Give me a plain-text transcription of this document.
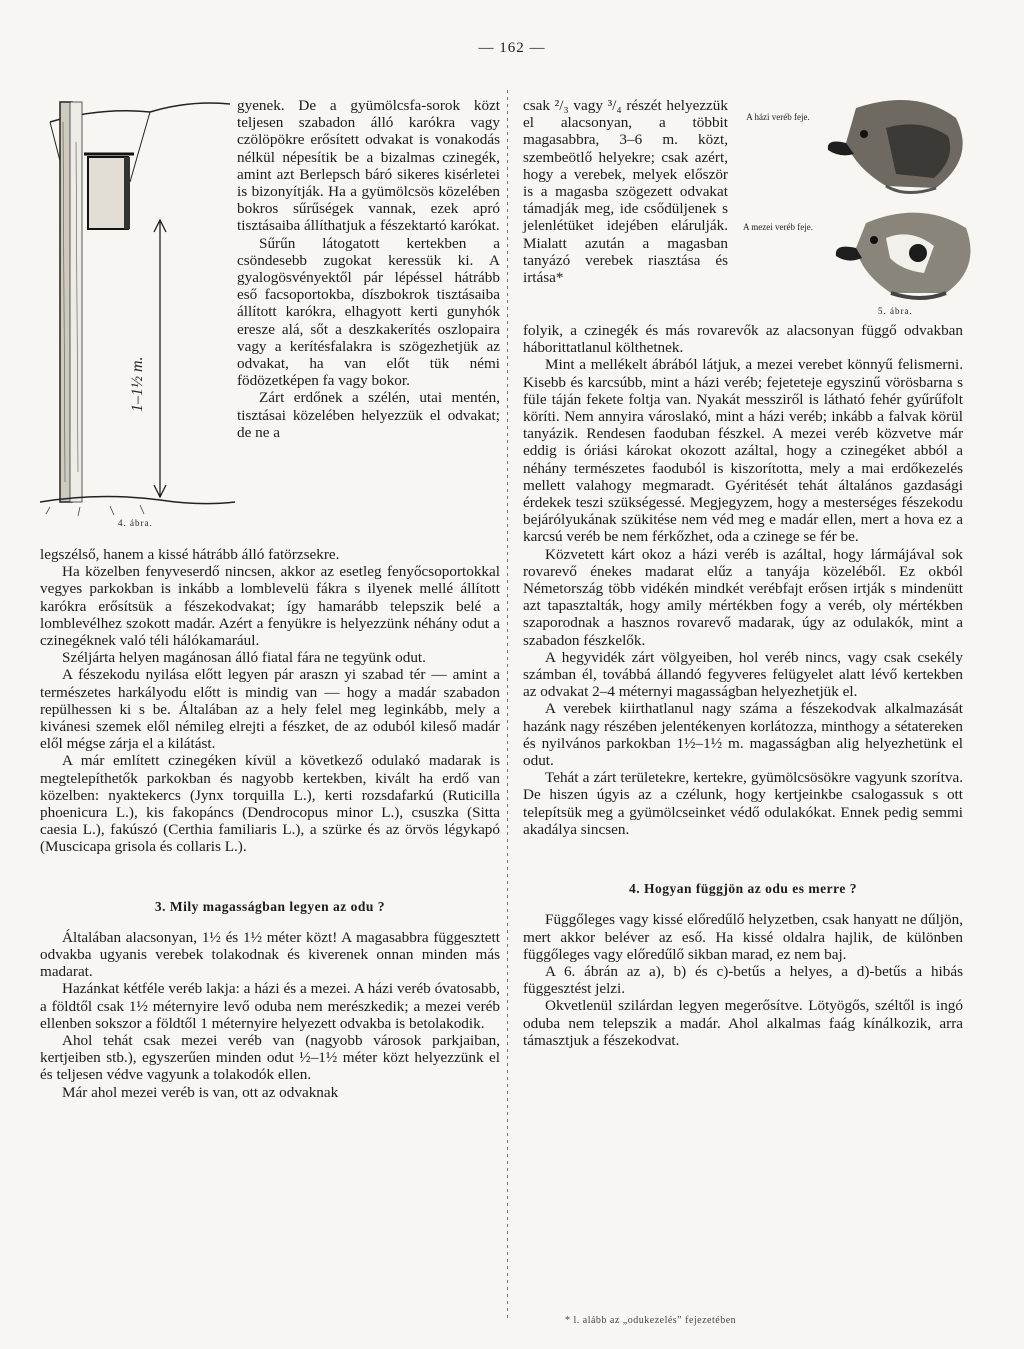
— 162 —
1–1½ m.
4. ábra.

gyenek. De a gyümölcsfa-sorok közt teljesen szabadon álló karókra vagy czölöpökre erősített odvakat is vonakodás nélkül népesítik be a bizalmas czinegék, amint azt Berlepsch báró sikeres kisérletei is bizonyítják. Ha a gyümölcsös közelében bokros sűrűségek vannak, ezek apró tisztásaiba állíthatjuk a fészektartó karókat.

Sűrűn látogatott kertekben a csöndesebb zugokat keressük ki. A gyalogösvényektől pár lépéssel hátrább eső facsoportokba, díszbokrok tisztásaiba állított karókra, elhagyott kerti gunyhók eresze alá, sőt a deszkakerítés oszlopaira vagy a kerítésfalakra is szögezhetjük az odvakat, ha van előt tük némi födözetképen fa vagy bokor.

Zárt erdőnek a szélén, utai mentén, tisztásai közelében helyezzük el odvakat; de ne a

legszélső, hanem a kissé hátrább álló fatörzsekre.

Ha közelben fenyveserdő nincsen, akkor az esetleg fenyőcsoportokkal vegyes parkokban is inkább a lomblevelü fákra s ilyenek mellé állított karókra erősítsük a fészekodvakat; így hamarább telepszik belé a lomblevélhez szokott madár. Azért a fenyükre is helyezzünk néhány odut a czinegéknek való téli hálókamarául.

Széljárta helyen magánosan álló fiatal fára ne tegyünk odut.

A fészekodu nyilása előtt legyen pár araszn yi szabad tér — amint a természetes harkályodu előtt is mindig van — hogy a madár szabadon repülhessen ki s be. Általában az a hely felel meg leginkább, mely a kivánesi szemek elől némileg elrejti a fészket, de az oduból kileső madár elől mégse zárja el a kilátást.

A már említett czinegéken kívül a következő odulakó madarak is megtelepíthetők parkokban és nagyobb kertekben, kivált ha erdő van közelben: nyaktekercs (Jynx torquilla L.), kerti rozsdafarkú (Ruticilla phoenicura L.), kis fakopáncs (Dendrocopus minor L.), csuszka (Sitta caesia L.), fakúszó (Certhia familiaris L.), a szürke és az örvös légykapó (Muscicapa grisola és collaris L.).

3. Mily magasságban legyen az odu ?

Általában alacsonyan, 1½ és 1½ méter közt! A magasabbra függesztett odvakba ugyanis verebek tolakodnak és kiverenek onnan minden más madarat.

Hazánkat kétféle veréb lakja: a házi és a mezei. A házi veréb óvatosabb, a földtől csak 1½ méternyire levő oduba nem merészkedik; a mezei veréb ellenben sokszor a földtől 1 méternyire helyezett odvakba is betolakodik.

Ahol tehát csak mezei veréb van (nagyobb városok parkjaiban, kertjeiben stb.), egyszerűen minden odut ½–1½ méter közt helyezzünk el és teljesen védve vagyunk a tolakodók ellen.

Már ahol mezei veréb is van, ott az odvaknak

csak ²/₃ vagy ³/₄ részét helyezzük el alacsonyan, a többit magasabbra, 3–6 m. közt, szembeötlő helyekre; csak azért, hogy a verebek, melyek először is a magasba szögezett odvakat támadják meg, ide csődüljenek s jelenlétüket idejében elárulják. Mialatt azután a magasban tanyázó verebek riasztása és irtása*

A házi veréb feje.
A mezei veréb feje.
5. ábra.

folyik, a czinegék és más rovarevők az alacsonyan függő odvakban háborittatlanul költhetnek.

Mint a mellékelt ábrából látjuk, a mezei verebet könnyű felismerni. Kisebb és karcsúbb, mint a házi veréb; fejeteteje egyszinű vörösbarna s fülе táján fekete foltja van. Nyakát messziről is látható fehér gyűrűfolt köríti. Nem annyira városlakó, mint a házi veréb; inkább a falvak körül tanyázik. Rendesen faoduban fészkel. A mezei veréb közvetve már eddig is óriási károkat okozott azáltal, hogy a czinegéket abból a néhány természetes faoduból is kiszorította, mely a mai erdőkezelés mellett valahogy megmaradt. Gyéritését tehát általános gazdasági érdekek teszi szükségessé. Megjegyzem, hogy a mesterséges fészekodu bejárólyukának szükitése nem véd meg e madár ellen, mert a hova ez a karcsú veréb be nem férkőzhet, oda a czinege se fér be.

Közvetett kárt okoz a házi veréb is azáltal, hogy lármájával sok rovarevő énekes madarat elűz a tanyája közeléből. Ez okból Németország több vidékén mindkét verébfajt erősen irtják s mindenütt azt tapasztalták, hogy amily mértékben fogy a veréb, oly mértékben szaporodnak a hasznos rovarevő madarak, úgy az odulakók, mint a szabadon fészkelők.

A hegyvidék zárt völgyeiben, hol veréb nincs, vagy csak csekély számban él, továbbá állandó fegyveres felügyelet alatt lévő kertekben az odvakat 2–4 méternyi magasságban helyezhetjük el.

A verebek kiirthatlanul nagy száma a fészekodvak alkalmazását hazánk nagy részében jelentékenyen korlátozza, minthogy a sétatereken és nyilvános parkokban 1½–1½ m. magasságban alig helyezhetünk el odut.

Tehát a zárt területekre, kertekre, gyümölcsösökre vagyunk szorítva. De hiszen úgyis az a czélunk, hogy kertjeinkbe csalogassuk s ott telepítsük meg a gyümölcseinket védő odulakókat. Ennek pedig semmi akadálya sincsen.

4. Hogyan függjön az odu es merre ?

Függőleges vagy kissé előredűlő helyzetben, csak hanyatt ne dűljön, mert akkor beléver az eső. Ha kissé oldalra hajlik, de különben függőleges vagy előredűlő sikban marad, ez nem baj.

A 6. ábrán az a), b) és c)-betűs a helyes, a d)-betűs a hibás függesztést jelzi.

Okvetlenül szilárdan legyen megerősítve. Lötyögős, széltől is ingó oduba nem telepszik a madár. Ahol alkalmas faág kínálkozik, arra támasztjuk a fészekodvat.

* l. alább az „odukezelés” fejezetében
